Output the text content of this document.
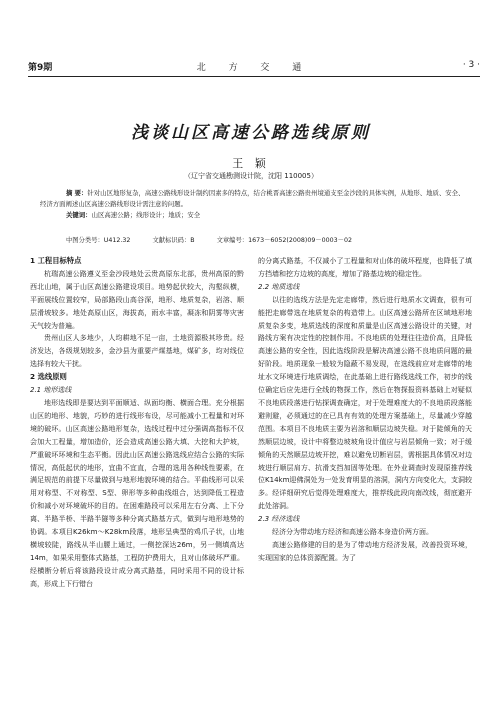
第9期	北 方 交 通	· 3 ·
浅谈山区高速公路选线原则
王 颖
（辽宁省交通勘测设计院，沈阳 110005）
摘 要：针对山区地形复杂，高速公路线形设计制约因素多的特点，结合桃晋高速公路贵州境通支至金沙段的具体实例，从地形、地质、安全、经济方面阐述山区高速公路线形设计需注意的问题。
关键词：山区高速公路；线形设计；地质；安全
中图分类号：U412.32	文献标识码：B	文章编号：1673－6052(2008)09－0003－02
1 工程目标特点

杭瑞高速公路遵义至金沙段地处云贵高原东北部，贵州高原的黔西北山地，属于山区高速公路建设项目。地势起伏较大，沟壑纵横，平面展线位置较窄，局部路段山高谷深，地形、地质复杂，岩溶、顺层滑坡较多。地处高原山区，海拔高，雨水丰富，凝冻和阴雾等灾害天气较为普遍。

贵州山区人多地少，人均耕地不足一亩，土地资源极其珍贵。经济发达，各级规划较多，金沙县为重要产煤基地，煤矿多，均对线位选择有较大干扰。

2 选线原则
2.1 地形选线

地形选线即是要达到平面顺适、纵面均衡、横面合理。充分根据山区的地形、地貌，巧妙的进行线形布设，尽可能减小工程量和对环境的破坏。山区高速公路地形复杂，选线过程中过分强调高指标不仅会加大工程量，增加造价，还会造成高速公路大填、大挖和大护坡，严重破坏环境和生态平衡。因此山区高速公路选线应结合公路的实际情况，高低起伏的地形，宜曲不宜直，合理的选用各种线性要素，在满足规范的前提下尽量做到与地形地貌环境的结合。平曲线形可以采用对称型、不对称型、S型、卵形等多种曲线组合，达到降低工程造价和减小对环境破坏的目的。在困难路段可以采用左右分离、上下分离、半路半桥、半路半隧等多种分离式路基方式，做到与地形地势的协调。本项目K26km～K28km段落，地形呈典型的鸡爪子状，山地横坡较陡，路线从半山腰上通过，一侧挖深达26m，另一侧填高达14m，如果采用整体式路基，工程防护费用大，且对山体破坏严重。经横断分析后将该路段设计成分离式路基，同时采用不同的设计标高，形成上下行错台

的分离式路基，不仅减小了工程量和对山体的破坏程度，也降低了填方挡墙和挖方边坡的高度，增加了路基边坡的稳定性。

2.2 地质选线

以往的选线方法是先定走廊带，然后进行地质水文调查，很有可能把走廊带选在地质复杂的构造带上。山区高速公路所在区域地形地质复杂多变，地质选线的深度和质量是山区高速公路设计的关键，对路线方案有决定性的控制作用。不良地质的处理往往造价高，且降低高速公路的安全性，因此选线阶段是解决高速公路不良地质问题的最好阶段。地质现象一般较为隐蔽不易发现，在选线前应对走廊带的地址水文环境进行地质调绘，在此基础上进行路线选线工作，初步的线位确定后应先进行全线的物探工作，然后在物探报资料基础上对疑似不良地质段落进行钻探调查确定，对于处理难度大的不良地质段落能避则避，必须通过的在已具有有效的处理方案基础上，尽量减少穿越范围。本项目不良地质主要为岩溶和顺层边坡失稳。对于陡倾角的天然顺层边坡，设计中将整边坡坡角设计值应与岩层倾角一致；对于缓倾角的天然顺层边坡开挖，难以避免切断岩层，需根据具体情况对边坡进行顺层肩方、抗滑支挡加固等处理。在外业调查时发现原推荐线位K14km迎佛洞处为一处发育明显的溶洞，洞内方向变化大，支洞较多。经详细研究后觉得处理难度大，推荐线此段向南改线，彻底避开此处溶洞。

2.3 经济选线

经济分为带动地方经济和高速公路本身造价两方面。

高速公路修建的目的是为了带动地方经济发展，改善投资环境，实现国家的总体资源配置。为了
